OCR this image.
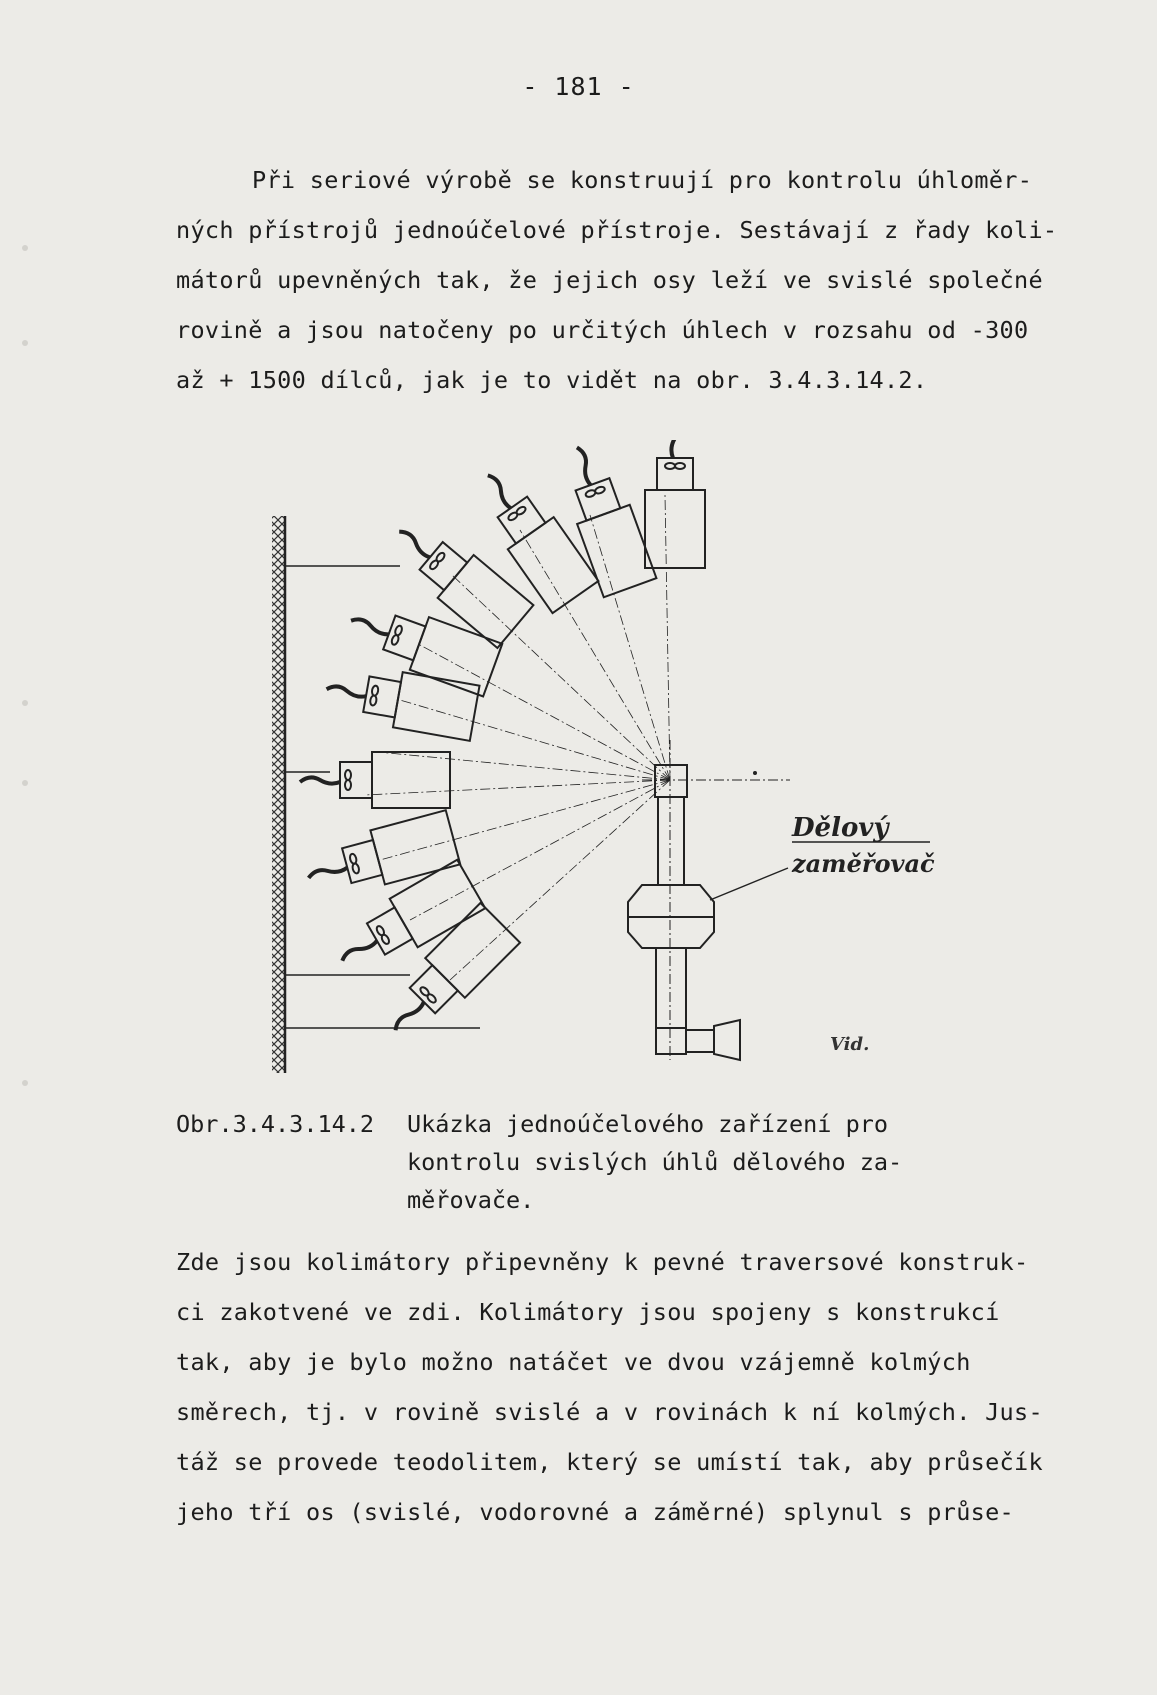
- 181 -
Při seriové výrobě se konstruují pro kontrolu úhloměr-
ných přístrojů jednoúčelové přístroje. Sestávají z řady koli-
mátorů upevněných tak, že jejich osy leží ve svislé společné
rovině a jsou natočeny po určitých úhlech v rozsahu od -300
až + 1500 dílců, jak je to vidět na obr. 3.4.3.14.2.
Dělový
zaměřovač
Vid.
Obr.3.4.3.14.2 Ukázka jednoúčelového zařízení pro
kontrolu svislých úhlů dělového za-
měřovače.
Zde jsou kolimátory připevněny k pevné traversové konstruk-
ci zakotvené ve zdi. Kolimátory jsou spojeny s konstrukcí
tak, aby je bylo možno natáčet ve dvou vzájemně kolmých
směrech, tj. v rovině svislé a v rovinách k ní kolmých. Jus-
táž se provede teodolitem, který se umístí tak, aby průsečík
jeho tří os (svislé, vodorovné a záměrné) splynul s průse-
